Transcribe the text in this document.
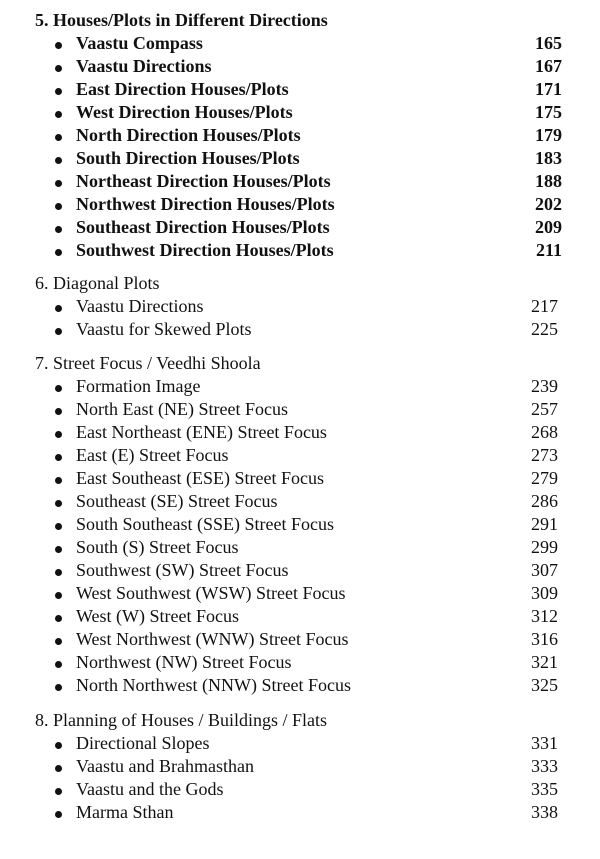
5. Houses/Plots in Different Directions
Vaastu Compass	165
Vaastu Directions	167
East Direction Houses/Plots	171
West Direction Houses/Plots	175
North Direction Houses/Plots	179
South Direction Houses/Plots	183
Northeast Direction Houses/Plots	188
Northwest Direction Houses/Plots	202
Southeast Direction Houses/Plots	209
Southwest Direction Houses/Plots	211
6. Diagonal Plots
Vaastu Directions	217
Vaastu for Skewed Plots	225
7. Street Focus / Veedhi Shoola
Formation Image	239
North East (NE) Street Focus	257
East Northeast (ENE) Street Focus	268
East (E) Street Focus	273
East Southeast (ESE) Street Focus	279
Southeast (SE) Street Focus	286
South Southeast (SSE) Street Focus	291
South (S) Street Focus	299
Southwest (SW) Street Focus	307
West Southwest (WSW) Street Focus	309
West (W) Street Focus	312
West Northwest (WNW) Street Focus	316
Northwest (NW) Street Focus	321
North Northwest (NNW) Street Focus	325
8. Planning of Houses / Buildings / Flats
Directional Slopes	331
Vaastu and Brahmasthan	333
Vaastu and the Gods	335
Marma Sthan	338
